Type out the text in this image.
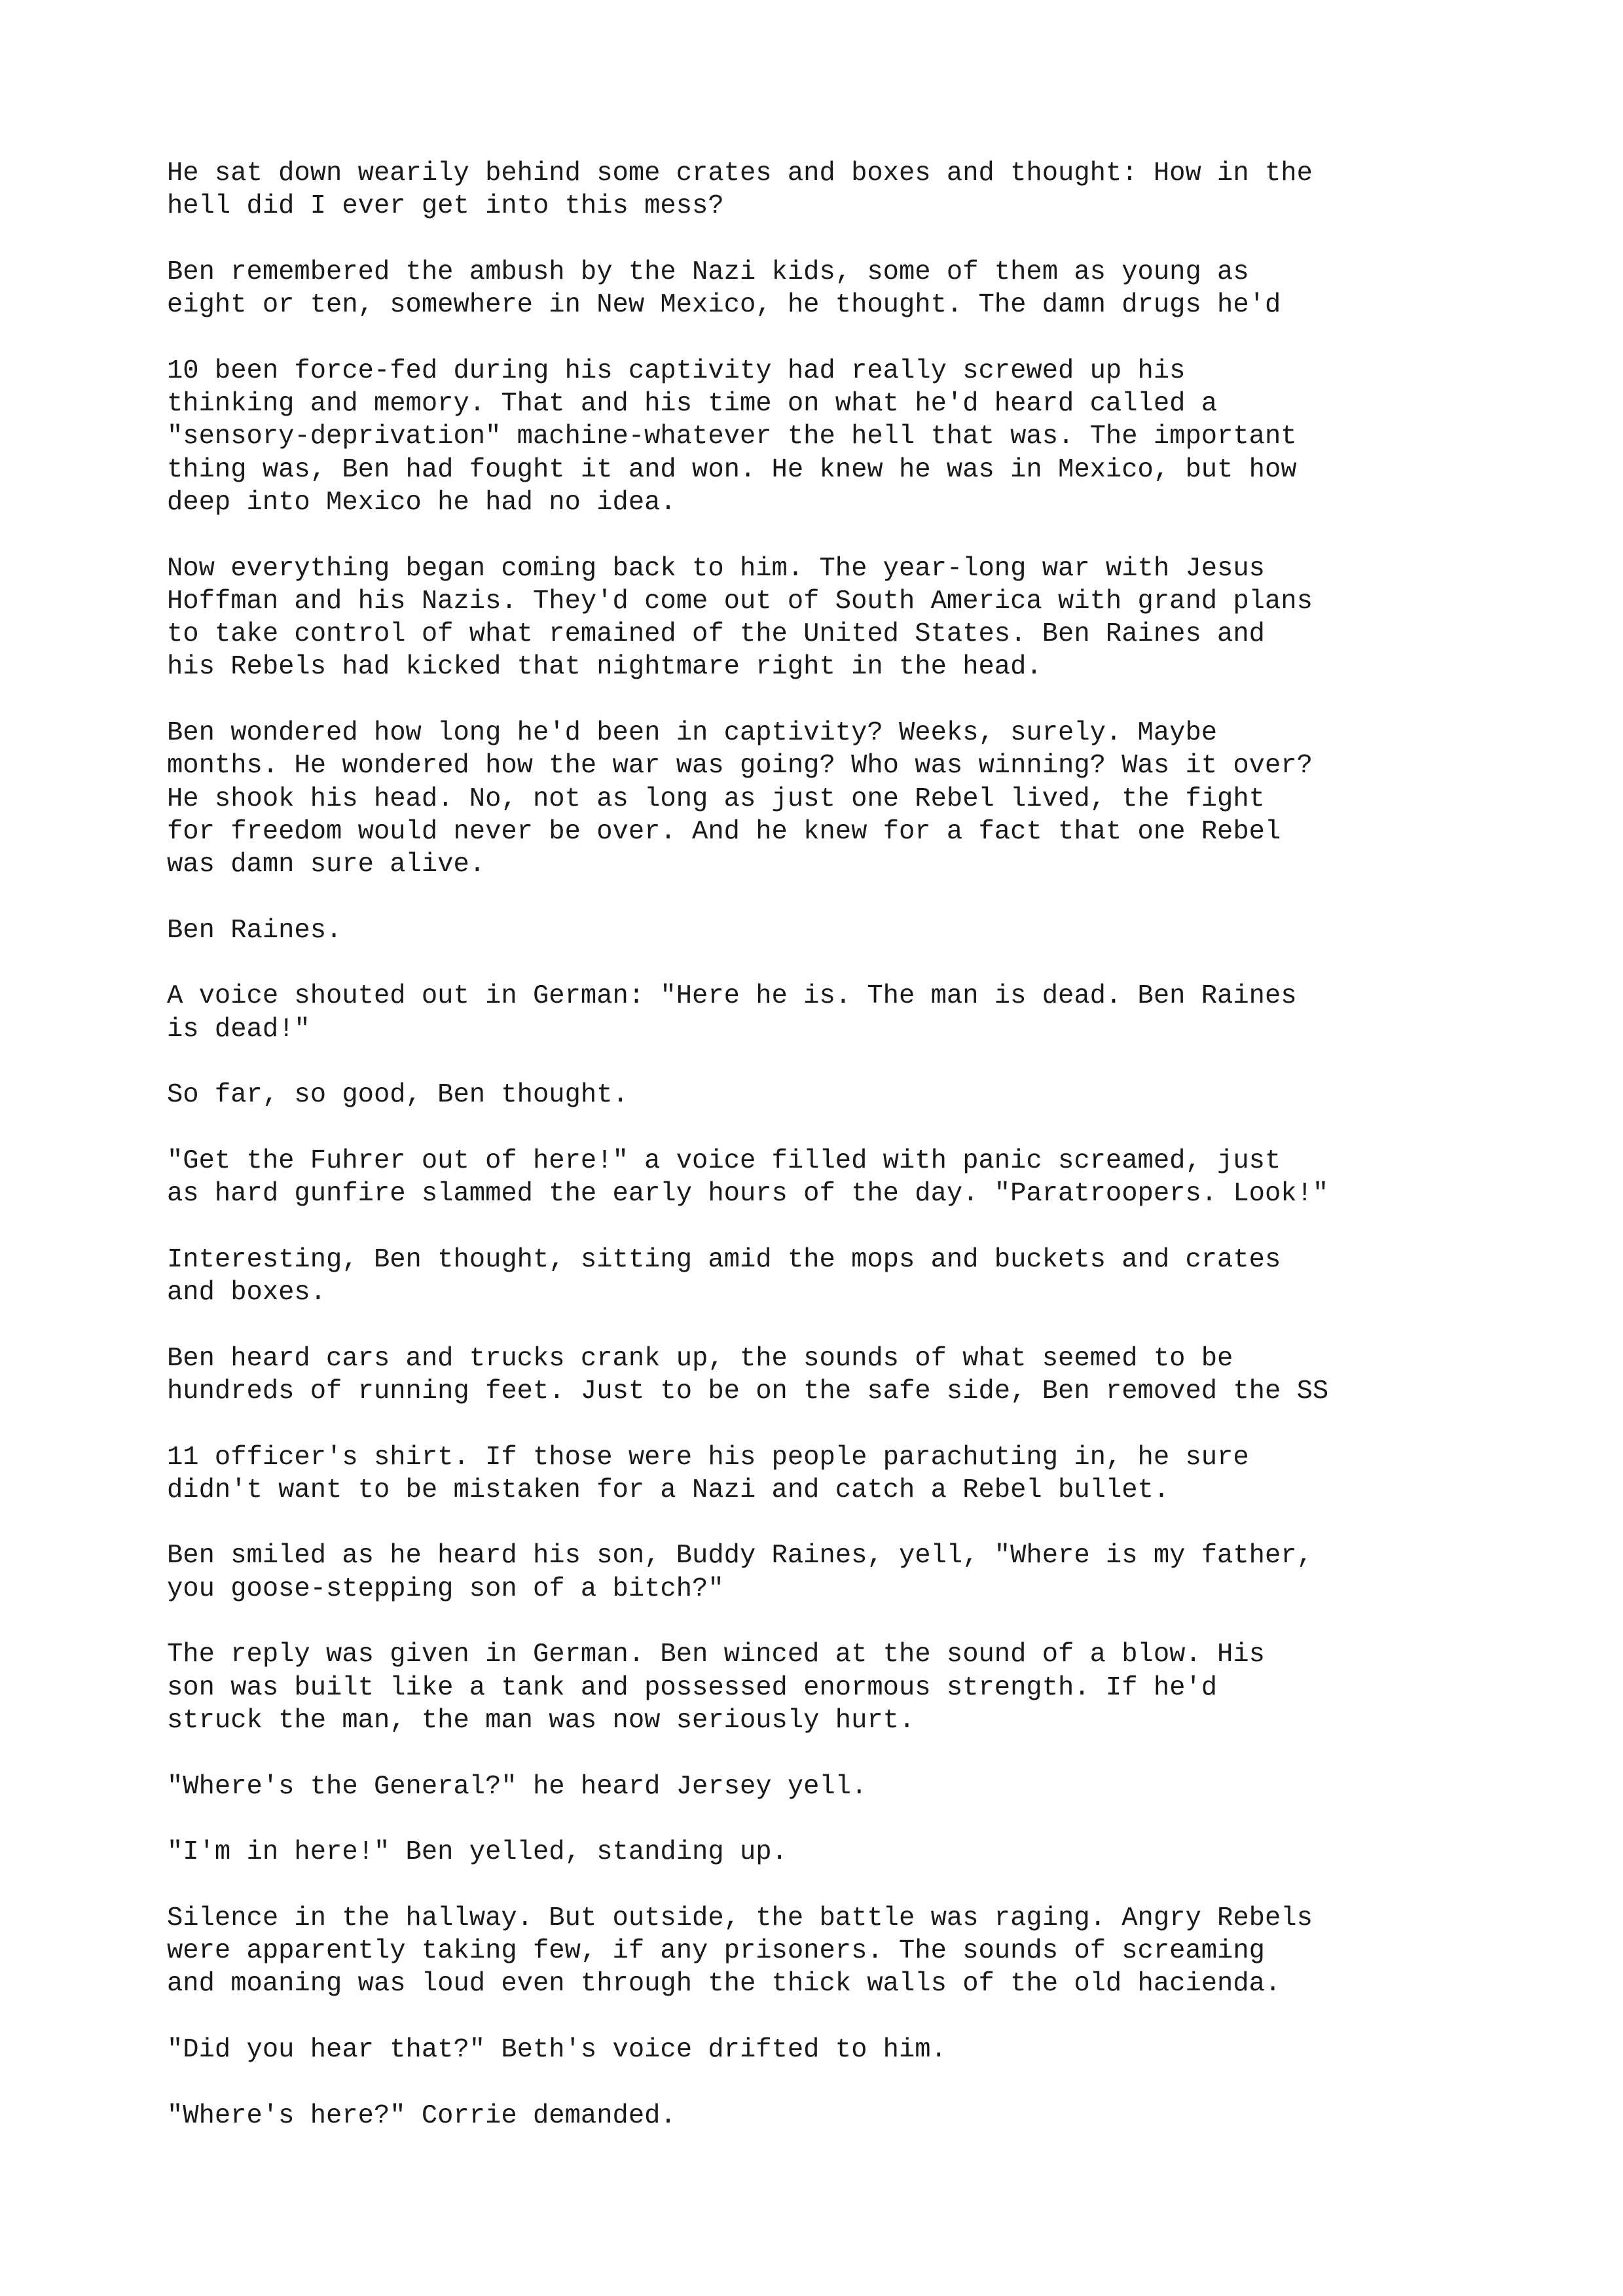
He sat down wearily behind some crates and boxes and thought: How in the
hell did I ever get into this mess?
Ben remembered the ambush by the Nazi kids, some of them as young as
eight or ten, somewhere in New Mexico, he thought. The damn drugs he'd
10 been force-fed during his captivity had really screwed up his
thinking and memory. That and his time on what he'd heard called a
"sensory-deprivation" machine-whatever the hell that was. The important
thing was, Ben had fought it and won. He knew he was in Mexico, but how
deep into Mexico he had no idea.
Now everything began coming back to him. The year-long war with Jesus
Hoffman and his Nazis. They'd come out of South America with grand plans
to take control of what remained of the United States. Ben Raines and
his Rebels had kicked that nightmare right in the head.
Ben wondered how long he'd been in captivity? Weeks, surely. Maybe
months. He wondered how the war was going? Who was winning? Was it over?
He shook his head. No, not as long as just one Rebel lived, the fight
for freedom would never be over. And he knew for a fact that one Rebel
was damn sure alive.
Ben Raines.
A voice shouted out in German: "Here he is. The man is dead. Ben Raines
is dead!"
So far, so good, Ben thought.
"Get the Fuhrer out of here!" a voice filled with panic screamed, just
as hard gunfire slammed the early hours of the day. "Paratroopers. Look!"
Interesting, Ben thought, sitting amid the mops and buckets and crates
and boxes.
Ben heard cars and trucks crank up, the sounds of what seemed to be
hundreds of running feet. Just to be on the safe side, Ben removed the SS
11 officer's shirt. If those were his people parachuting in, he sure
didn't want to be mistaken for a Nazi and catch a Rebel bullet.
Ben smiled as he heard his son, Buddy Raines, yell, "Where is my father,
you goose-stepping son of a bitch?"
The reply was given in German. Ben winced at the sound of a blow. His
son was built like a tank and possessed enormous strength. If he'd
struck the man, the man was now seriously hurt.
"Where's the General?" he heard Jersey yell.
"I'm in here!" Ben yelled, standing up.
Silence in the hallway. But outside, the battle was raging. Angry Rebels
were apparently taking few, if any prisoners. The sounds of screaming
and moaning was loud even through the thick walls of the old hacienda.
"Did you hear that?" Beth's voice drifted to him.
"Where's here?" Corrie demanded.
